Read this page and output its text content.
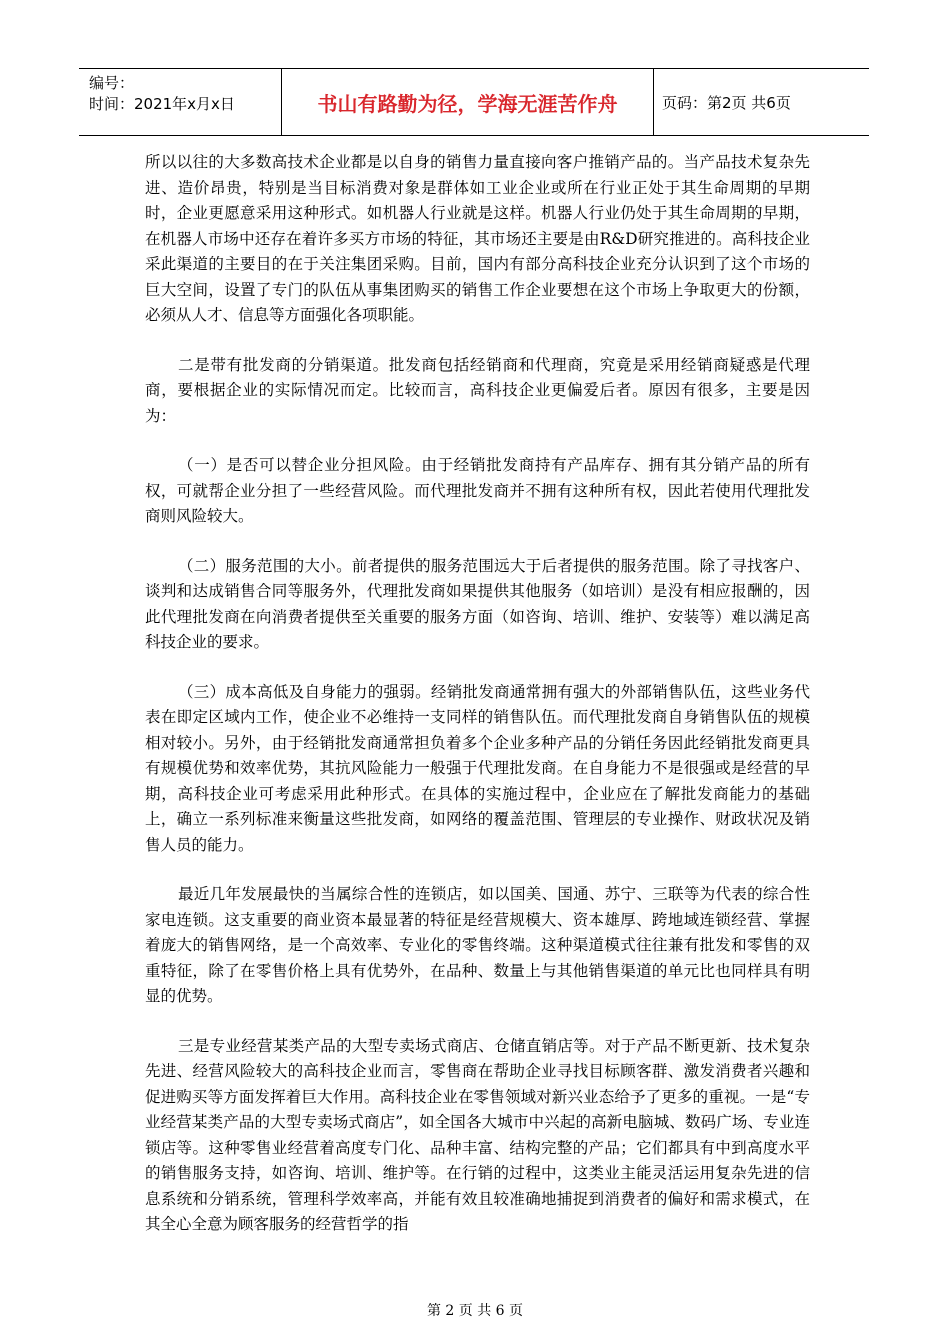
编号：
时间：2021年x月x日	书山有路勤为径，学海无涯苦作舟	页码：第2页 共6页

所以以往的大多数高技术企业都是以自身的销售力量直接向客户推销产品的。当产品技术复杂先进、造价昂贵，特别是当目标消费对象是群体如工业企业或所在行业正处于其生命周期的早期时，企业更愿意采用这种形式。如机器人行业就是这样。机器人行业仍处于其生命周期的早期，在机器人市场中还存在着许多买方市场的特征，其市场还主要是由R&D研究推进的。高科技企业采此渠道的主要目的在于关注集团采购。目前，国内有部分高科技企业充分认识到了这个市场的巨大空间，设置了专门的队伍从事集团购买的销售工作企业要想在这个市场上争取更大的份额，必须从人才、信息等方面强化各项职能。

二是带有批发商的分销渠道。批发商包括经销商和代理商，究竟是采用经销商疑惑是代理商，要根据企业的实际情况而定。比较而言，高科技企业更偏爱后者。原因有很多，主要是因为：

（一）是否可以替企业分担风险。由于经销批发商持有产品库存、拥有其分销产品的所有权，可就帮企业分担了一些经营风险。而代理批发商并不拥有这种所有权，因此若使用代理批发商则风险较大。

（二）服务范围的大小。前者提供的服务范围远大于后者提供的服务范围。除了寻找客户、谈判和达成销售合同等服务外，代理批发商如果提供其他服务（如培训）是没有相应报酬的，因此代理批发商在向消费者提供至关重要的服务方面（如咨询、培训、维护、安装等）难以满足高科技企业的要求。

（三）成本高低及自身能力的强弱。经销批发商通常拥有强大的外部销售队伍，这些业务代表在即定区域内工作，使企业不必维持一支同样的销售队伍。而代理批发商自身销售队伍的规模相对较小。另外，由于经销批发商通常担负着多个企业多种产品的分销任务因此经销批发商更具有规模优势和效率优势，其抗风险能力一般强于代理批发商。在自身能力不是很强或是经营的早期，高科技企业可考虑采用此种形式。在具体的实施过程中，企业应在了解批发商能力的基础上，确立一系列标准来衡量这些批发商，如网络的覆盖范围、管理层的专业操作、财政状况及销售人员的能力。

最近几年发展最快的当属综合性的连锁店，如以国美、国通、苏宁、三联等为代表的综合性家电连锁。这支重要的商业资本最显著的特征是经营规模大、资本雄厚、跨地域连锁经营、掌握着庞大的销售网络，是一个高效率、专业化的零售终端。这种渠道模式往往兼有批发和零售的双重特征，除了在零售价格上具有优势外，在品种、数量上与其他销售渠道的单元比也同样具有明显的优势。

三是专业经营某类产品的大型专卖场式商店、仓储直销店等。对于产品不断更新、技术复杂先进、经营风险较大的高科技企业而言，零售商在帮助企业寻找目标顾客群、激发消费者兴趣和促进购买等方面发挥着巨大作用。高科技企业在零售领域对新兴业态给予了更多的重视。一是“专业经营某类产品的大型专卖场式商店”，如全国各大城市中兴起的高新电脑城、数码广场、专业连锁店等。这种零售业经营着高度专门化、品种丰富、结构完整的产品；它们都具有中到高度水平的销售服务支持，如咨询、培训、维护等。在行销的过程中，这类业主能灵活运用复杂先进的信息系统和分销系统，管理科学效率高，并能有效且较准确地捕捉到消费者的偏好和需求模式，在其全心全意为顾客服务的经营哲学的指

第 2 页 共 6 页
